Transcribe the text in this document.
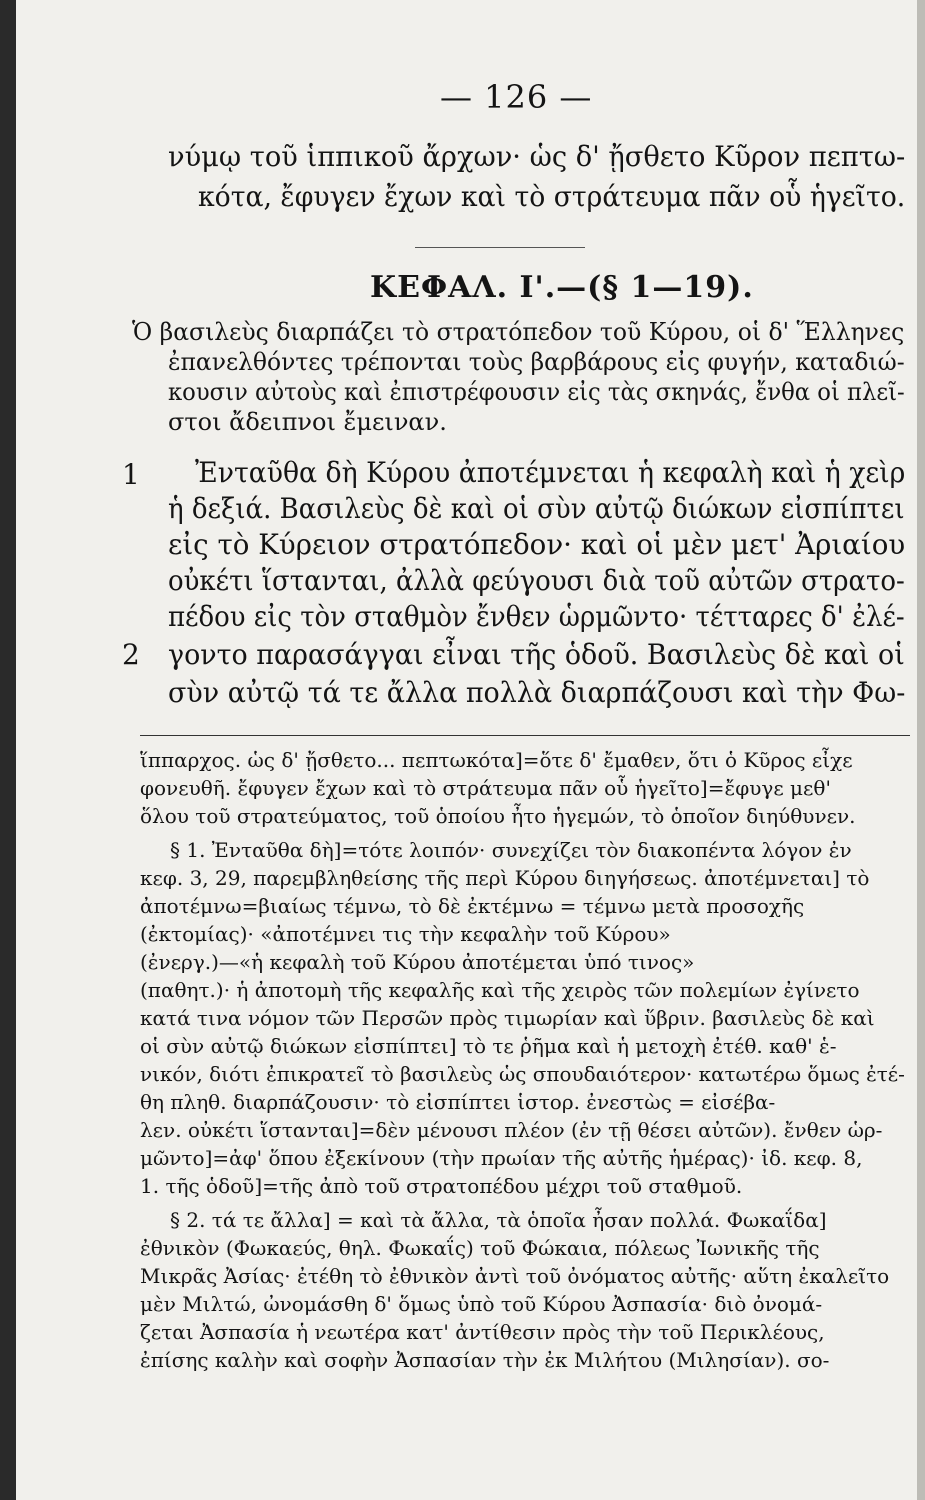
— 126 —
νύμῳ τοῦ ἱππικοῦ ἄρχων· ὡς δ' ᾔσθετο Κῦρον πεπτω-
κότα, ἔφυγεν ἔχων καὶ τὸ στράτευμα πᾶν οὗ ἡγεῖτο.
ΚΕΦΑΛ. Ι'.—(§ 1—19).
Ὁ βασιλεὺς διαρπάζει τὸ στρατόπεδον τοῦ Κύρου, οἱ δ' Ἕλληνες
ἐπανελθόντες τρέπονται τοὺς βαρβάρους εἰς φυγήν, καταδιώ-
κουσιν αὐτοὺς καὶ ἐπιστρέφουσιν εἰς τὰς σκηνάς, ἔνθα οἱ πλεῖ-
στοι ἄδειπνοι ἔμειναν.
1
2
Ἐνταῦθα δὴ Κύρου ἀποτέμνεται ἡ κεφαλὴ καὶ ἡ χεὶρ
ἡ δεξιά. Βασιλεὺς δὲ καὶ οἱ σὺν αὐτῷ διώκων εἰσπίπτει
εἰς τὸ Κύρειον στρατόπεδον· καὶ οἱ μὲν μετ' Ἀριαίου
οὐκέτι ἵστανται, ἀλλὰ φεύγουσι διὰ τοῦ αὐτῶν στρατο-
πέδου εἰς τὸν σταθμὸν ἔνθεν ὡρμῶντο· τέτταρες δ' ἐλέ-
γοντο παρασάγγαι εἶναι τῆς ὁδοῦ. Βασιλεὺς δὲ καὶ οἱ
σὺν αὐτῷ τά τε ἄλλα πολλὰ διαρπάζουσι καὶ τὴν Φω-
ἵππαρχος. ὡς δ' ᾔσθετο... πεπτωκότα]=ὅτε δ' ἔμαθεν, ὅτι ὁ Κῦρος εἶχε
φονευθῆ. ἔφυγεν ἔχων καὶ τὸ στράτευμα πᾶν οὗ ἡγεῖτο]=ἔφυγε μεθ'
ὅλου τοῦ στρατεύματος, τοῦ ὁποίου ἦτο ἡγεμών, τὸ ὁποῖον διηύθυνεν.
§ 1. Ἐνταῦθα δὴ]=τότε λοιπόν· συνεχίζει τὸν διακοπέντα λόγον ἐν
κεφ. 3, 29, παρεμβληθείσης τῆς περὶ Κύρου διηγήσεως. ἀποτέμνεται] τὸ
ἀποτέμνω=βιαίως τέμνω, τὸ δὲ ἐκτέμνω = τέμνω μετὰ προσοχῆς
(ἐκτομίας)· «ἀποτέμνει τις τὴν κεφαλὴν τοῦ Κύρου»
(ἐνεργ.)—«ἡ κεφαλὴ τοῦ Κύρου ἀποτέμεται ὑπό τινος»
(παθητ.)· ἡ ἀποτομὴ τῆς κεφαλῆς καὶ τῆς χειρὸς τῶν πολεμίων ἐγίνετο
κατά τινα νόμον τῶν Περσῶν πρὸς τιμωρίαν καὶ ὕβριν. βασιλεὺς δὲ καὶ
οἱ σὺν αὐτῷ διώκων εἰσπίπτει] τὸ τε ῥῆμα καὶ ἡ μετοχὴ ἐτέθ. καθ' ἑ-
νικόν, διότι ἐπικρατεῖ τὸ βασιλεὺς ὡς σπουδαιότερον· κατωτέρω ὅμως ἐτέ-
θη πληθ. διαρπάζουσιν· τὸ εἰσπίπτει ἱστορ. ἐνεστὼς = εἰσέβα-
λεν. οὐκέτι ἵστανται]=δὲν μένουσι πλέον (ἐν τῇ θέσει αὐτῶν). ἔνθεν ὡρ-
μῶντο]=ἀφ' ὅπου ἐξεκίνουν (τὴν πρωίαν τῆς αὐτῆς ἡμέρας)· ἰδ. κεφ. 8,
1. τῆς ὁδοῦ]=τῆς ἀπὸ τοῦ στρατοπέδου μέχρι τοῦ σταθμοῦ.
§ 2. τά τε ἄλλα] = καὶ τὰ ἄλλα, τὰ ὁποῖα ἦσαν πολλά. Φωκαΐδα]
ἐθνικὸν (Φωκαεύς, θηλ. Φωκαΐς) τοῦ Φώκαια, πόλεως Ἰωνικῆς τῆς
Μικρᾶς Ἀσίας· ἐτέθη τὸ ἐθνικὸν ἀντὶ τοῦ ὀνόματος αὐτῆς· αὕτη ἐκαλεῖτο
μὲν Μιλτώ, ὠνομάσθη δ' ὅμως ὑπὸ τοῦ Κύρου Ἀσπασία· διὸ ὀνομά-
ζεται Ἀσπασία ἡ νεωτέρα κατ' ἀντίθεσιν πρὸς τὴν τοῦ Περικλέους,
ἐπίσης καλὴν καὶ σοφὴν Ἀσπασίαν τὴν ἐκ Μιλήτου (Μιλησίαν). σο-
